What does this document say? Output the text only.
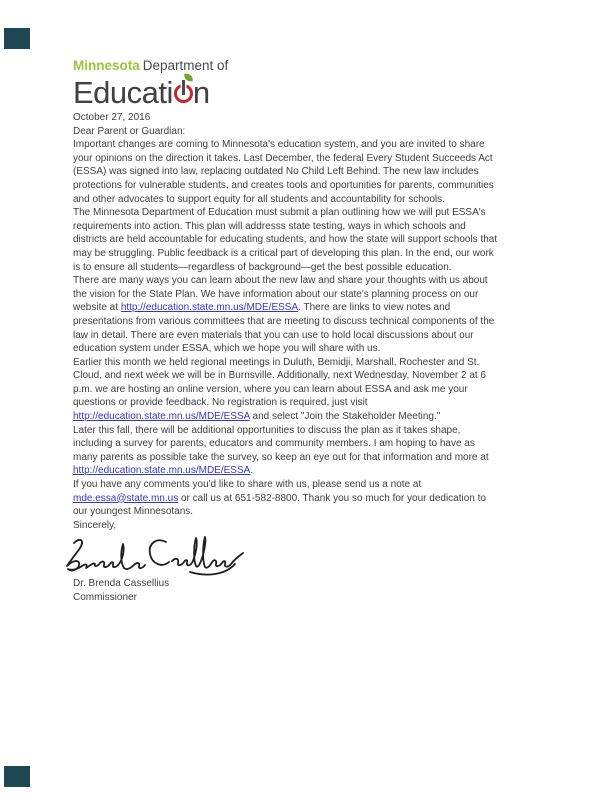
Minnesota Department of
Educati n

October 27, 2016

Dear Parent or Guardian:

Important changes are coming to Minnesota's education system, and you are invited to share
your opinions on the direction it takes. Last December, the federal Every Student Succeeds Act
(ESSA) was signed into law, replacing outdated No Child Left Behind. The new law includes
protections for vulnerable students, and creates tools and oportunities for parents, communities
and other advocates to support equity for all students and accountability for schools.

The Minnesota Department of Education must submit a plan outlining how we will put ESSA's
requirements into action. This plan will addresss state testing, ways in which schools and
districts are held accountable for educating students, and how the state will support schools that
may be struggling. Public feedback is a critical part of developing this plan. In the end, our work
is to ensure all students—regardless of background—get the best possible education.

There are many ways you can learn about the new law and share your thoughts with us about
the vision for the State Plan. We have information about our state's planning process on our
website at http://education.state.mn.us/MDE/ESSA. There are links to view notes and
presentations from various committees that are meeting to discuss technical components of the
law in detail. There are even materials that you can use to hold local discussions about our
education system under ESSA, which we hope you will share with us.

Earlier this month we held regional meetings in Duluth, Bemidji, Marshall, Rochester and St.
Cloud, and next week we will be in Burnsville. Additionally, next Wednesday, November 2 at 6
p.m. we are hosting an online version, where you can learn about ESSA and ask me your
questions or provide feedback. No registration is required, just visit
http://education.state.mn.us/MDE/ESSA and select "Join the Stakeholder Meeting."

Later this fall, there will be additional opportunities to discuss the plan as it takes shape,
including a survey for parents, educators and community members. I am hoping to have as
many parents as possible take the survey, so keep an eye out for that information and more at
http://education.state.mn.us/MDE/ESSA.

If you have any comments you'd like to share with us, please send us a note at
mde.essa@state.mn.us or call us at 651-582-8800. Thank you so much for your dedication to
our youngest Minnesotans.

Sincerely,

Dr. Brenda Cassellius

Commissioner
